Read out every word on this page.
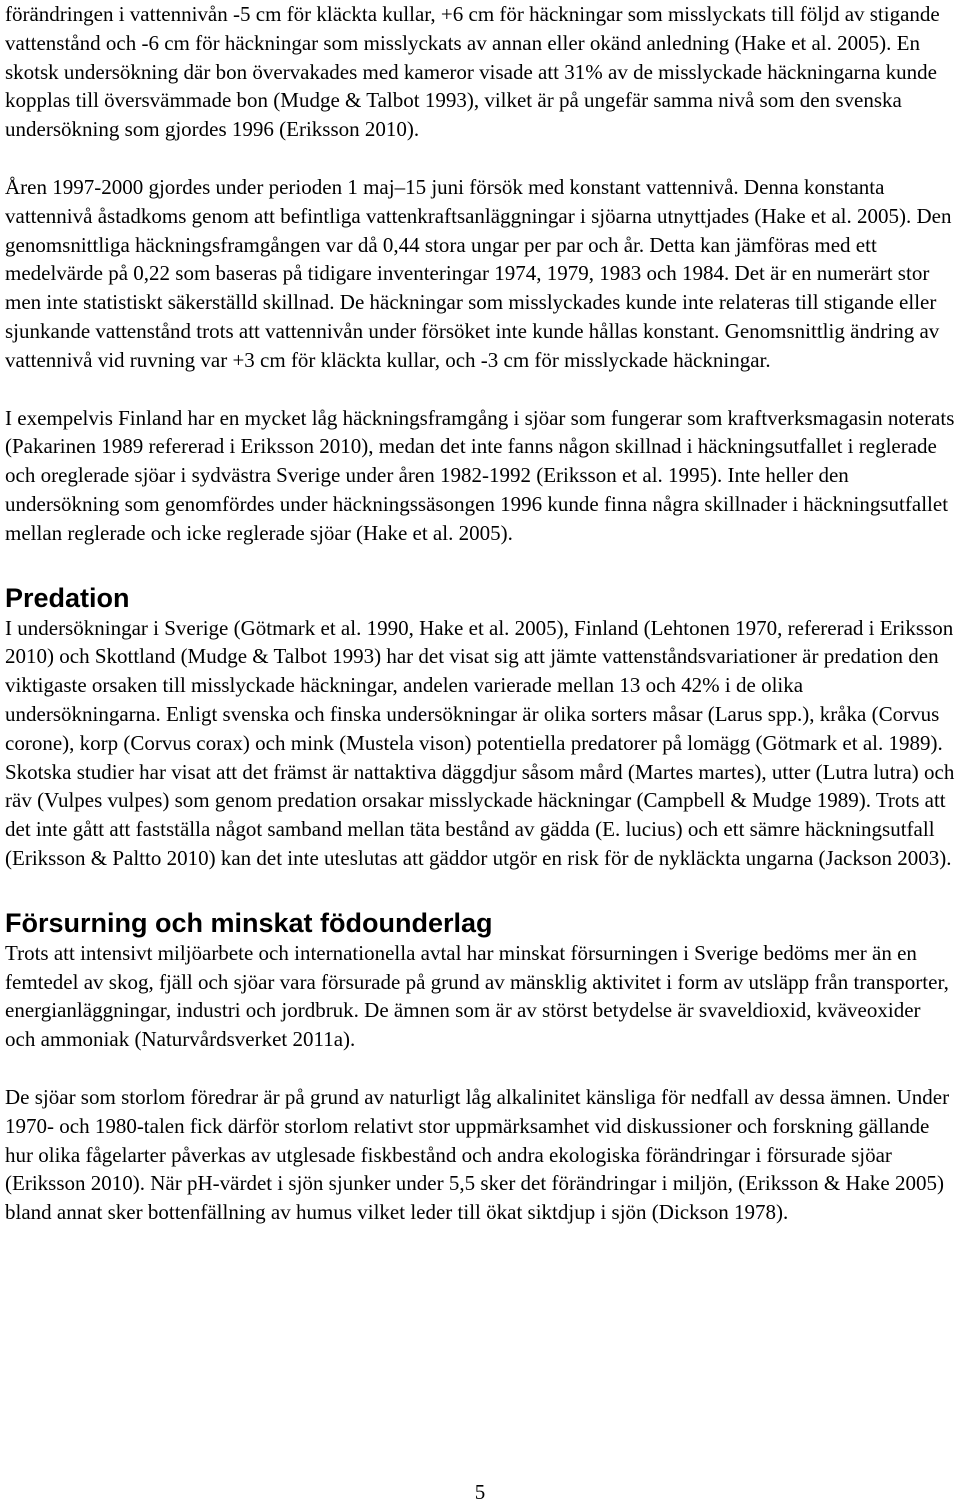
förändringen i vattennivån -5 cm för kläckta kullar, +6 cm för häckningar som misslyckats till följd av stigande vattenstånd och -6 cm för häckningar som misslyckats av annan eller okänd anledning (Hake et al. 2005). En skotsk undersökning där bon övervakades med kameror visade att 31% av de misslyckade häckningarna kunde kopplas till översvämmade bon (Mudge & Talbot 1993), vilket är på ungefär samma nivå som den svenska undersökning som gjordes 1996 (Eriksson 2010).

Åren 1997-2000 gjordes under perioden 1 maj–15 juni försök med konstant vattennivå. Denna konstanta vattennivå åstadkoms genom att befintliga vattenkraftsanläggningar i sjöarna utnyttjades (Hake et al. 2005). Den genomsnittliga häckningsframgången var då 0,44 stora ungar per par och år. Detta kan jämföras med ett medelvärde på 0,22 som baseras på tidigare inventeringar 1974, 1979, 1983 och 1984. Det är en numerärt stor men inte statistiskt säkerställd skillnad. De häckningar som misslyckades kunde inte relateras till stigande eller sjunkande vattenstånd trots att vattennivån under försöket inte kunde hållas konstant. Genomsnittlig ändring av vattennivå vid ruvning var +3 cm för kläckta kullar, och -3 cm för misslyckade häckningar.

I exempelvis Finland har en mycket låg häckningsframgång i sjöar som fungerar som kraftverksmagasin noterats (Pakarinen 1989 refererad i Eriksson 2010), medan det inte fanns någon skillnad i häckningsutfallet i reglerade och oreglerade sjöar i sydvästra Sverige under åren 1982-1992 (Eriksson et al. 1995). Inte heller den undersökning som genomfördes under häckningssäsongen 1996 kunde finna några skillnader i häckningsutfallet mellan reglerade och icke reglerade sjöar (Hake et al. 2005).

Predation

I undersökningar i Sverige (Götmark et al. 1990, Hake et al. 2005), Finland (Lehtonen 1970, refererad i Eriksson 2010) och Skottland (Mudge & Talbot 1993) har det visat sig att jämte vattenståndsvariationer är predation den viktigaste orsaken till misslyckade häckningar, andelen varierade mellan 13 och 42% i de olika undersökningarna. Enligt svenska och finska undersökningar är olika sorters måsar (Larus spp.), kråka (Corvus corone), korp (Corvus corax) och mink (Mustela vison) potentiella predatorer på lomägg (Götmark et al. 1989). Skotska studier har visat att det främst är nattaktiva däggdjur såsom mård (Martes martes), utter (Lutra lutra) och räv (Vulpes vulpes) som genom predation orsakar misslyckade häckningar (Campbell & Mudge 1989). Trots att det inte gått att fastställa något samband mellan täta bestånd av gädda (E. lucius) och ett sämre häckningsutfall (Eriksson & Paltto 2010) kan det inte uteslutas att gäddor utgör en risk för de nykläckta ungarna (Jackson 2003).

Försurning och minskat födounderlag

Trots att intensivt miljöarbete och internationella avtal har minskat försurningen i Sverige bedöms mer än en femtedel av skog, fjäll och sjöar vara försurade på grund av mänsklig aktivitet i form av utsläpp från transporter, energianläggningar, industri och jordbruk. De ämnen som är av störst betydelse är svaveldioxid, kväveoxider och ammoniak (Naturvårdsverket 2011a).

De sjöar som storlom föredrar är på grund av naturligt låg alkalinitet känsliga för nedfall av dessa ämnen. Under 1970- och 1980-talen fick därför storlom relativt stor uppmärksamhet vid diskussioner och forskning gällande hur olika fågelarter påverkas av utglesade fiskbestånd och andra ekologiska förändringar i försurade sjöar (Eriksson 2010). När pH-värdet i sjön sjunker under 5,5 sker det förändringar i miljön, (Eriksson & Hake 2005) bland annat sker bottenfällning av humus vilket leder till ökat siktdjup i sjön (Dickson 1978).

5
